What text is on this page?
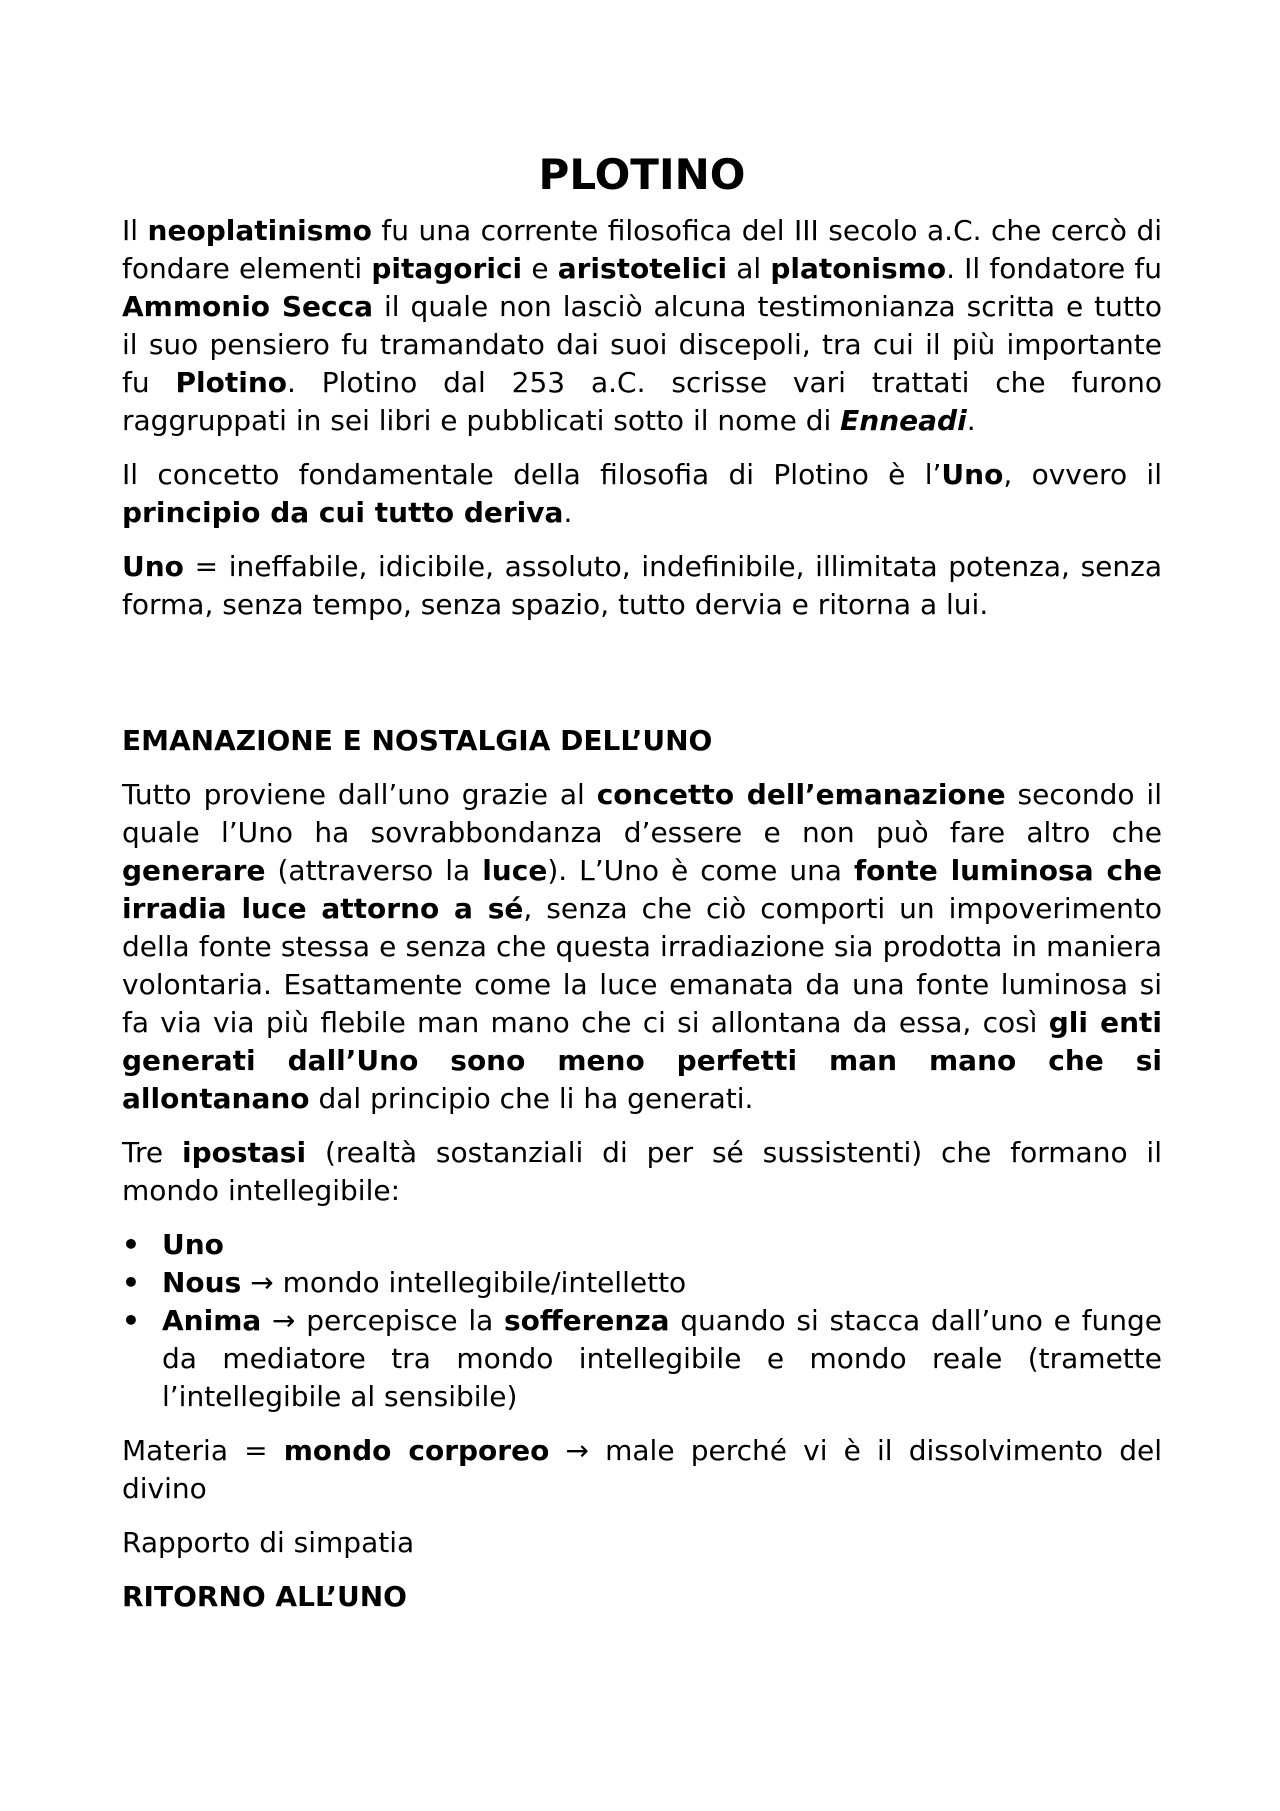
PLOTINO

Il neoplatinismo fu una corrente filosofica del III secolo a.C. che cercò di fondare elementi pitagorici e aristotelici al platonismo. Il fondatore fu Ammonio Secca il quale non lasciò alcuna testimonianza scritta e tutto il suo pensiero fu tramandato dai suoi discepoli, tra cui il più importante fu Plotino. Plotino dal 253 a.C. scrisse vari trattati che furono raggruppati in sei libri e pubblicati sotto il nome di Enneadi.

Il concetto fondamentale della filosofia di Plotino è l’Uno, ovvero il principio da cui tutto deriva.

Uno = ineffabile, idicibile, assoluto, indefinibile, illimitata potenza, senza forma, senza tempo, senza spazio, tutto dervia e ritorna a lui.

EMANAZIONE E NOSTALGIA DELL’UNO

Tutto proviene dall’uno grazie al concetto dell’emanazione secondo il quale l’Uno ha sovrabbondanza d’essere e non può fare altro che generare (attraverso la luce). L’Uno è come una fonte luminosa che irradia luce attorno a sé, senza che ciò comporti un impoverimento della fonte stessa e senza che questa irradiazione sia prodotta in maniera volontaria. Esattamente come la luce emanata da una fonte luminosa si fa via via più flebile man mano che ci si allontana da essa, così gli enti generati dall’Uno sono meno perfetti man mano che si allontanano dal principio che li ha generati.

Tre ipostasi (realtà sostanziali di per sé sussistenti) che formano il mondo intellegibile:

• Uno
• Nous → mondo intellegibile/intelletto
• Anima → percepisce la sofferenza quando si stacca dall’uno e funge da mediatore tra mondo intellegibile e mondo reale (tramette l’intellegibile al sensibile)

Materia = mondo corporeo → male perché vi è il dissolvimento del divino

Rapporto di simpatia

RITORNO ALL’UNO
